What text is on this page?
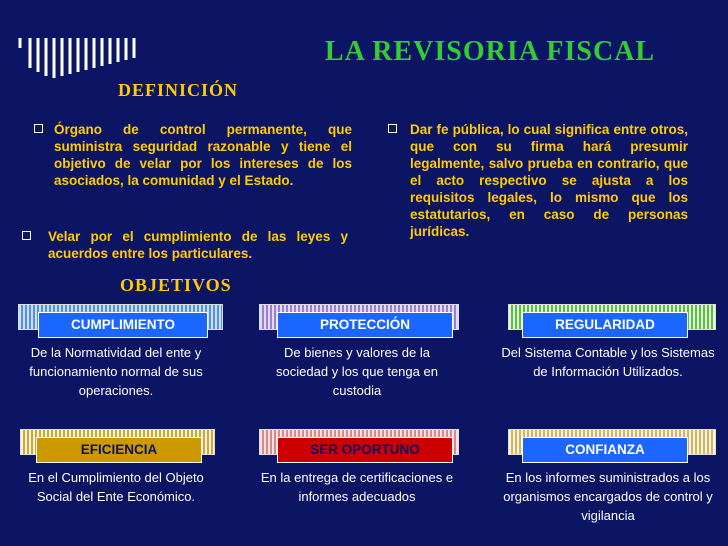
LA REVISORIA FISCAL
DEFINICIÓN
Órgano de control permanente, que suministra seguridad razonable y tiene el objetivo de velar por los intereses de los asociados, la comunidad y el Estado.
Velar por el cumplimiento de las leyes y acuerdos entre los particulares.
Dar fe pública, lo cual significa entre otros, que con su firma hará presumir legalmente, salvo prueba en contrario, que el acto respectivo se ajusta a los requisitos legales, lo mismo que los estatutarios, en caso de personas jurídicas.
OBJETIVOS
CUMPLIMIENTO
De la Normatividad del ente y funcionamiento normal de sus operaciones.
PROTECCIÓN
De bienes y valores de la sociedad y los que tenga en custodia
REGULARIDAD
Del Sistema Contable y los Sistemas de Información Utilizados.
EFICIENCIA
En el Cumplimiento del Objeto Social del Ente Económico.
SER OPORTUNO
En la entrega de certificaciones e informes adecuados
CONFIANZA
En los informes suministrados a los organismos encargados de control y vigilancia
